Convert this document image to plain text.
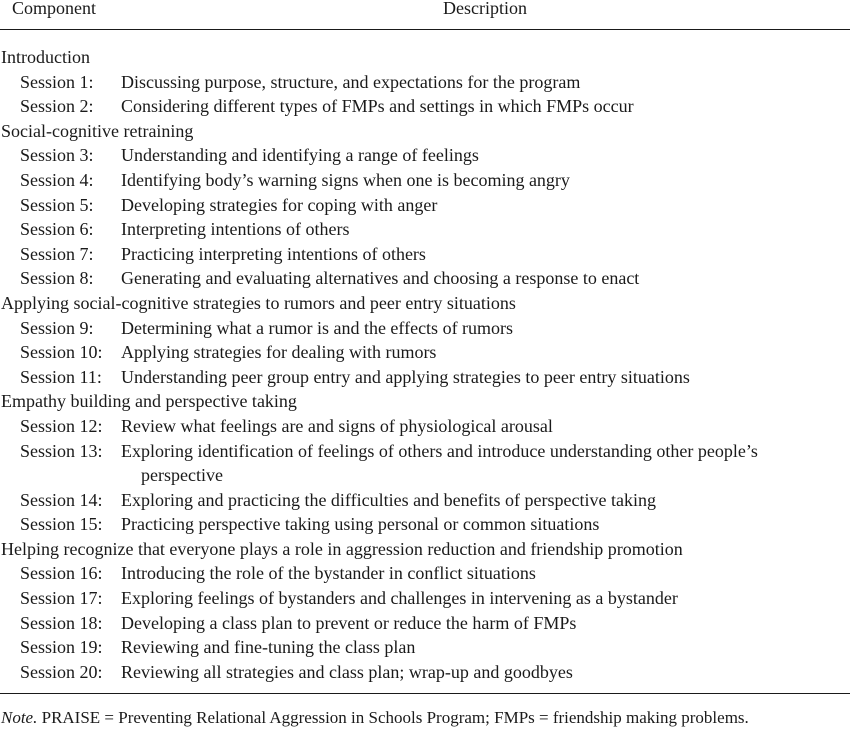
Component	Description
Introduction
Session 1: Discussing purpose, structure, and expectations for the program
Session 2: Considering different types of FMPs and settings in which FMPs occur
Social-cognitive retraining
Session 3: Understanding and identifying a range of feelings
Session 4: Identifying body’s warning signs when one is becoming angry
Session 5: Developing strategies for coping with anger
Session 6: Interpreting intentions of others
Session 7: Practicing interpreting intentions of others
Session 8: Generating and evaluating alternatives and choosing a response to enact
Applying social-cognitive strategies to rumors and peer entry situations
Session 9: Determining what a rumor is and the effects of rumors
Session 10: Applying strategies for dealing with rumors
Session 11: Understanding peer group entry and applying strategies to peer entry situations
Empathy building and perspective taking
Session 12: Review what feelings are and signs of physiological arousal
Session 13: Exploring identification of feelings of others and introduce understanding other people’s
perspective
Session 14: Exploring and practicing the difficulties and benefits of perspective taking
Session 15: Practicing perspective taking using personal or common situations
Helping recognize that everyone plays a role in aggression reduction and friendship promotion
Session 16: Introducing the role of the bystander in conflict situations
Session 17: Exploring feelings of bystanders and challenges in intervening as a bystander
Session 18: Developing a class plan to prevent or reduce the harm of FMPs
Session 19: Reviewing and fine-tuning the class plan
Session 20: Reviewing all strategies and class plan; wrap-up and goodbyes
Note. PRAISE = Preventing Relational Aggression in Schools Program; FMPs = friendship making problems.
